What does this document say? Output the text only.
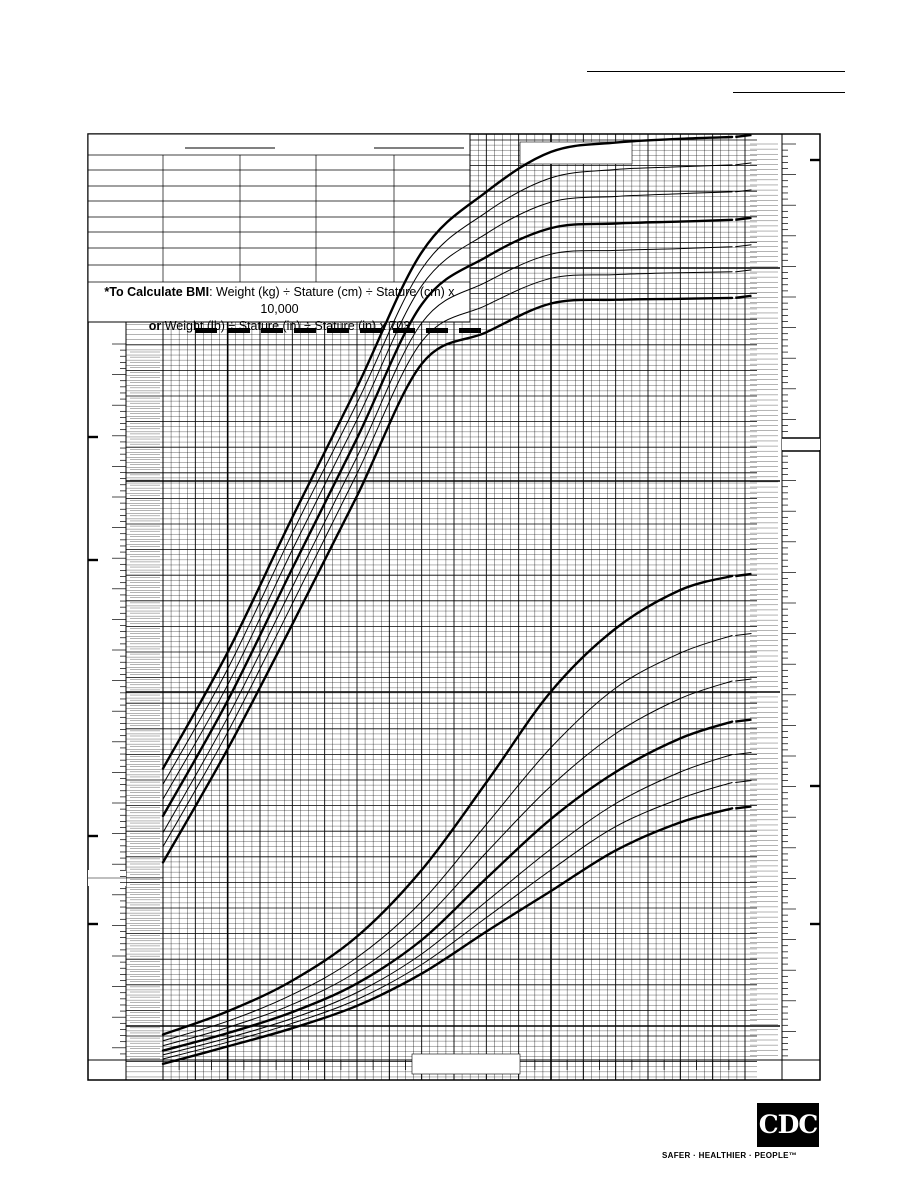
*To Calculate BMI: Weight (kg) ÷ Stature (cm) ÷ Stature (cm) x 10,000
or Weight (lb) ÷ Stature (in) ÷ Stature (in) x 703
CDC
SAFER · HEALTHIER · PEOPLE™
